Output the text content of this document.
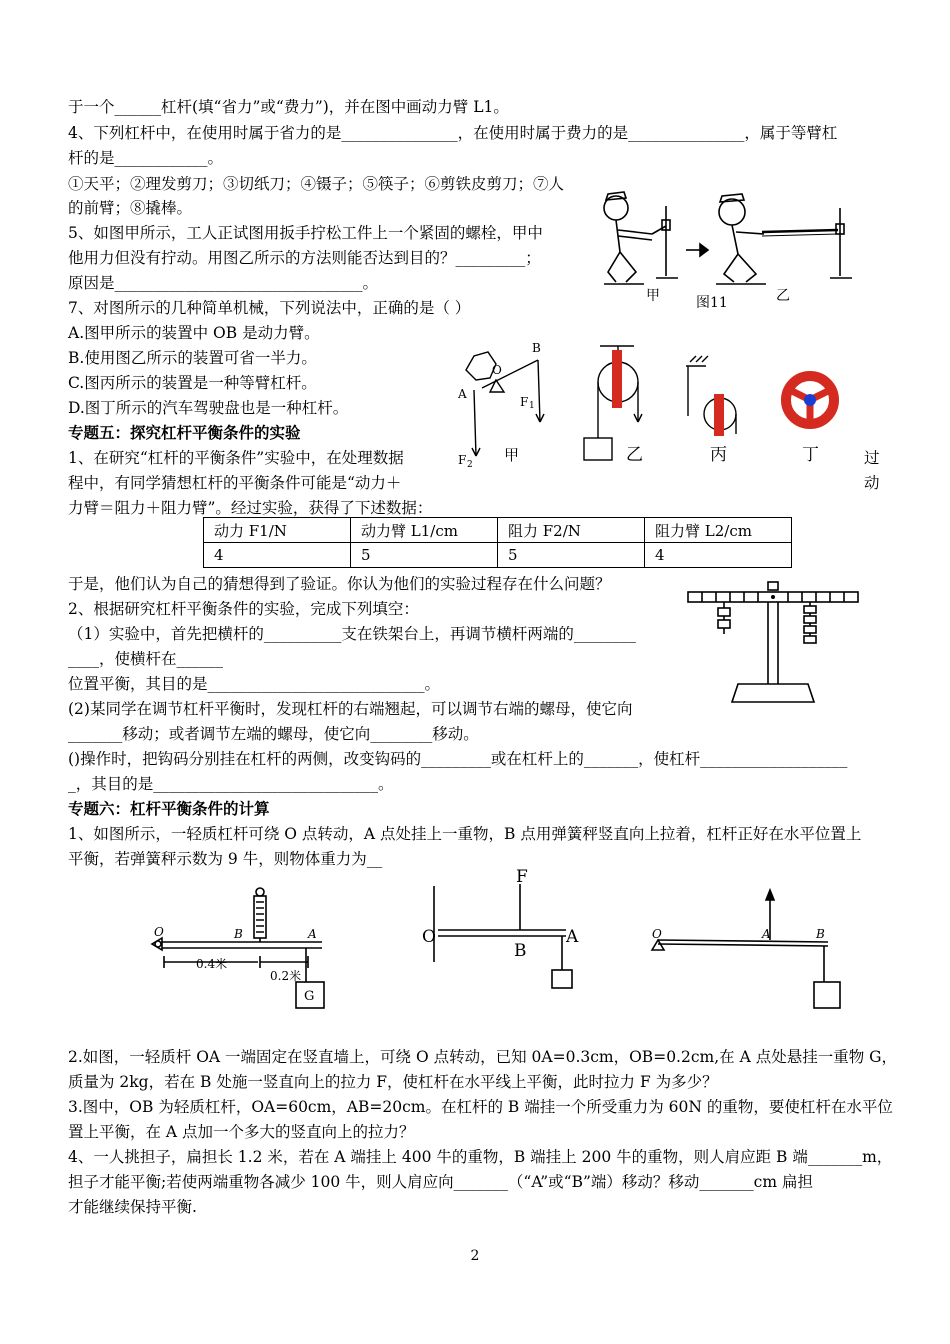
于一个______杠杆(填“省力”或“费力”)，并在图中画动力臂 L1。
4、下列杠杆中，在使用时属于省力的是_______________，在使用时属于费力的是_______________，属于等臂杠
杆的是____________。
①天平；②理发剪刀；③切纸刀；④镊子；⑤筷子；⑥剪铁皮剪刀；⑦人
的前臂；⑧撬棒。
5、如图甲所示，工人正试图用扳手拧松工件上一个紧固的螺栓，甲中
他用力但没有拧动。用图乙所示的方法则能否达到目的？_________；
原因是________________________________。
7、对图所示的几种简单机械，下列说法中，正确的是（ ）
A.图甲所示的装置中 OB 是动力臂。
B.使用图乙所示的装置可省一半力。
C.图丙所示的装置是一种等臂杠杆。
D.图丁所示的汽车驾驶盘也是一种杠杆。
专题五：探究杠杆平衡条件的实验
1、在研究“杠杆的平衡条件”实验中，在处理数据	过
程中，有同学猜想杠杆的平衡条件可能是“动力＋	动
力臂＝阻力＋阻力臂”。经过实验，获得了下述数据：
动力 F1/N	动力臂 L1/cm	阻力 F2/N	阻力臂 L2/cm
4	5	5	4
于是，他们认为自己的猜想得到了验证。你认为他们的实验过程存在什么问题？
2、根据研究杠杆平衡条件的实验，完成下列填空：
（1）实验中，首先把横杆的__________支在铁架台上，再调节横杆两端的________
____，使横杆在______
位置平衡，其目的是____________________________。
(2)某同学在调节杠杆平衡时，发现杠杆的右端翘起，可以调节右端的螺母，使它向
_______移动；或者调节左端的螺母，使它向________移动。
()操作时，把钩码分别挂在杠杆的两侧，改变钩码的_________或在杠杆上的_______，使杠杆___________________
_，其目的是_____________________________。
专题六：杠杆平衡条件的计算
1、如图所示，一轻质杠杆可绕 O 点转动，A 点处挂上一重物，B 点用弹簧秤竖直向上拉着，杠杆正好在水平位置上
平衡，若弹簧秤示数为 9 牛，则物体重力为__
2.如图，一轻质杆 OA 一端固定在竖直墙上，可绕 O 点转动，已知 0A=0.3cm，OB=0.2cm,在 A 点处悬挂一重物 G，
质量为 2kg，若在 B 处施一竖直向上的拉力 F，使杠杆在水平线上平衡，此时拉力 F 为多少？
3.图中，OB 为轻质杠杆，OA=60cm，AB=20cm。在杠杆的 B 端挂一个所受重力为 60N 的重物，要使杠杆在水平位
置上平衡，在 A 点加一个多大的竖直向上的拉力？
4、一人挑担子，扁担长 1.2 米，若在 A 端挂上 400 牛的重物，B 端挂上 200 牛的重物，则人肩应距 B 端_______m，
担子才能平衡;若使两端重物各减少 100 牛，则人肩应向_______（“A”或“B”端）移动？移动_______cm 扁担
才能继续保持平衡.
2
甲	图11	乙
B
A
O
F 1
F 2
甲	乙	丙	丁
O	B	A
0.4米
0.2米
G
F
O
B
A	O	A	B
